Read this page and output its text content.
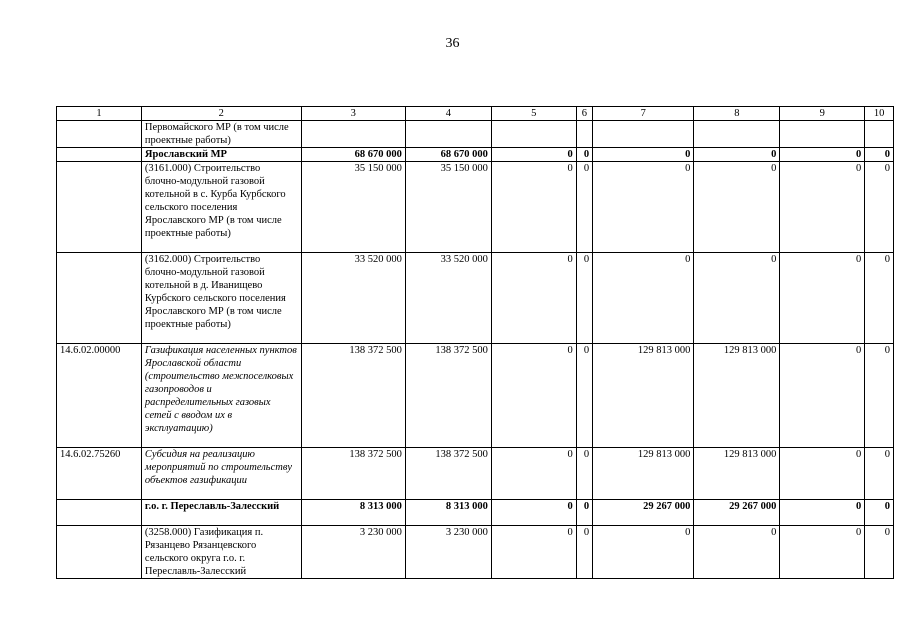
36
1	2	3	4	5	6	7	8	9	10
	Первомайского МР (в том числе проектные работы)								
	Ярославский МР	68 670 000	68 670 000	0	0	0	0	0	0
	(3161.000) Строительство блочно-модульной газовой котельной в с. Курба Курбского сельского поселения Ярославского МР (в том числе проектные работы)	35 150 000	35 150 000	0	0	0	0	0	0
	(3162.000) Строительство блочно-модульной газовой котельной в д. Иванищево Курбского сельского поселения Ярославского МР (в том числе проектные работы)	33 520 000	33 520 000	0	0	0	0	0	0
14.6.02.00000	Газификация населенных пунктов Ярославской области (строительство межпоселковых газопроводов и распределительных газовых сетей с вводом их в эксплуатацию)	138 372 500	138 372 500	0	0	129 813 000	129 813 000	0	0
14.6.02.75260	Субсидия на реализацию мероприятий по строительству объектов газификации	138 372 500	138 372 500	0	0	129 813 000	129 813 000	0	0
	г.о. г. Переславль-Залесский	8 313 000	8 313 000	0	0	29 267 000	29 267 000	0	0
	(3258.000) Газификация п. Рязанцево Рязанцевского сельского округа г.о. г. Переславль-Залесский	3 230 000	3 230 000	0	0	0	0	0	0
